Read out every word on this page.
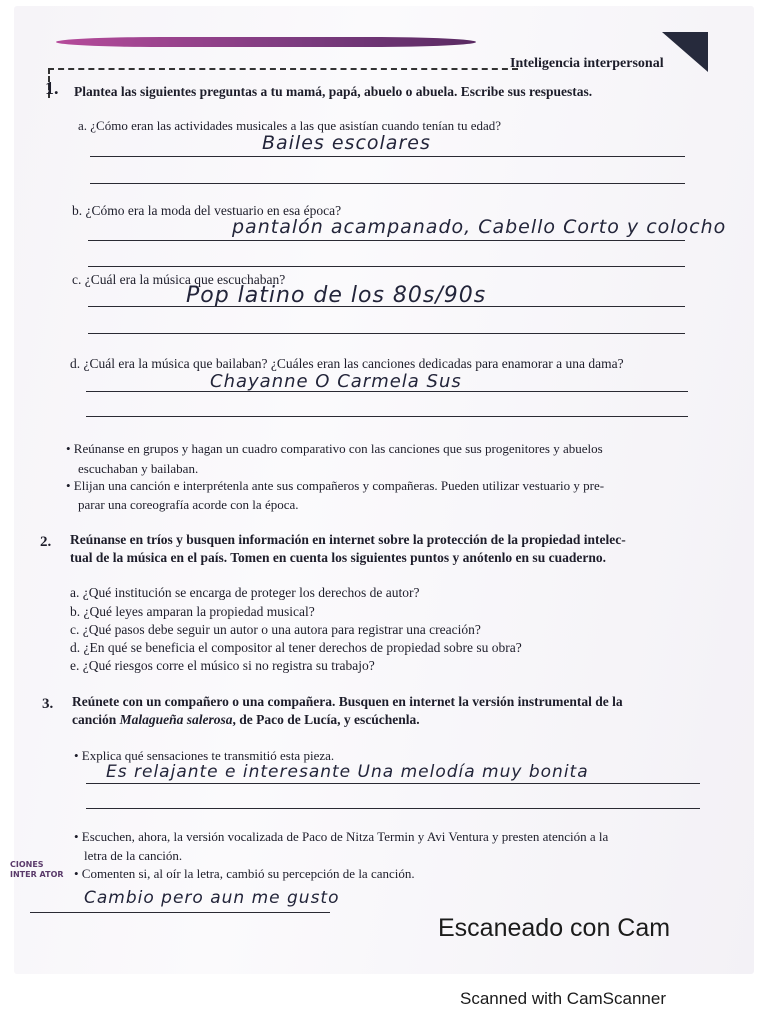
Inteligencia interpersonal
1. Plantea las siguientes preguntas a tu mamá, papá, abuelo o abuela. Escribe sus respuestas.
a. ¿Cómo eran las actividades musicales a las que asistían cuando tenían tu edad?
Bailes escolares
b. ¿Cómo era la moda del vestuario en esa época?
pantalón acampanado, Cabello Corto y colocho
c. ¿Cuál era la música que escuchaban?
Pop latino de los 80s/90s
d. ¿Cuál era la música que bailaban? ¿Cuáles eran las canciones dedicadas para enamorar a una dama?
Chayanne O Carmela Sus
• Reúnanse en grupos y hagan un cuadro comparativo con las canciones que sus progenitores y abuelos
escuchaban y bailaban.
• Elijan una canción e interprétenla ante sus compañeros y compañeras. Pueden utilizar vestuario y pre-
parar una coreografía acorde con la época.
2. Reúnanse en tríos y busquen información en internet sobre la protección de la propiedad intelec-
tual de la música en el país. Tomen en cuenta los siguientes puntos y anótenlo en su cuaderno.
a. ¿Qué institución se encarga de proteger los derechos de autor?
b. ¿Qué leyes amparan la propiedad musical?
c. ¿Qué pasos debe seguir un autor o una autora para registrar una creación?
d. ¿En qué se beneficia el compositor al tener derechos de propiedad sobre su obra?
e. ¿Qué riesgos corre el músico si no registra su trabajo?
3. Reúnete con un compañero o una compañera. Busquen en internet la versión instrumental de la
canción Malagueña salerosa, de Paco de Lucía, y escúchenla.
• Explica qué sensaciones te transmitió esta pieza.
Es relajante e interesante Una melodía muy bonita
• Escuchen, ahora, la versión vocalizada de Paco de Nitza Termin y Avi Ventura y presten atención a la
letra de la canción.
• Comenten si, al oír la letra, cambió su percepción de la canción.
Cambio pero aun me gusto
CIONES INTER ATOR
Escaneado con Cam
Scanned with CamScanner
